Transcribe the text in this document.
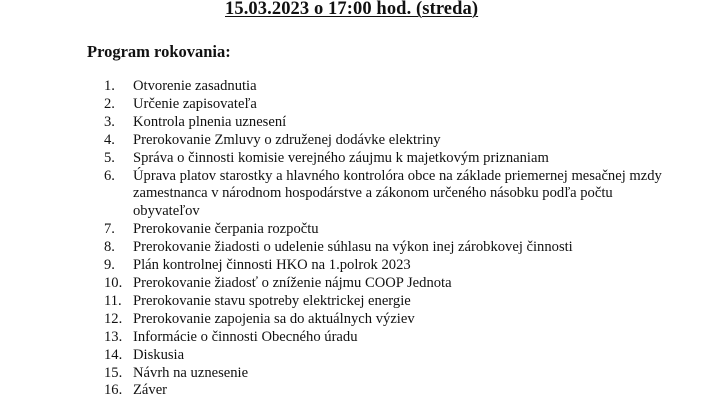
15.03.2023 o 17:00 hod. (streda)
Program rokovania:
1.	Otvorenie zasadnutia
2.	Určenie zapisovateľa
3.	Kontrola plnenia uznesení
4.	Prerokovanie Zmluvy o združenej dodávke elektriny
5.	Správa o činnosti komisie verejného záujmu k majetkovým priznaniam
6.	Úprava platov starostky a hlavného kontrolóra obce na základe priemernej mesačnej mzdy zamestnanca v národnom hospodárstve a zákonom určeného násobku podľa počtu obyvateľov
7.	Prerokovanie čerpania rozpočtu
8.	Prerokovanie žiadosti o udelenie súhlasu na výkon inej zárobkovej činnosti
9.	Plán kontrolnej činnosti HKO na 1.polrok 2023
10. Prerokovanie žiadosť o zníženie nájmu COOP Jednota
11. Prerokovanie stavu spotreby elektrickej energie
12. Prerokovanie zapojenia sa do aktuálnych výziev
13. Informácie o činnosti Obecného úradu
14. Diskusia
15. Návrh na uznesenie
16. Záver
